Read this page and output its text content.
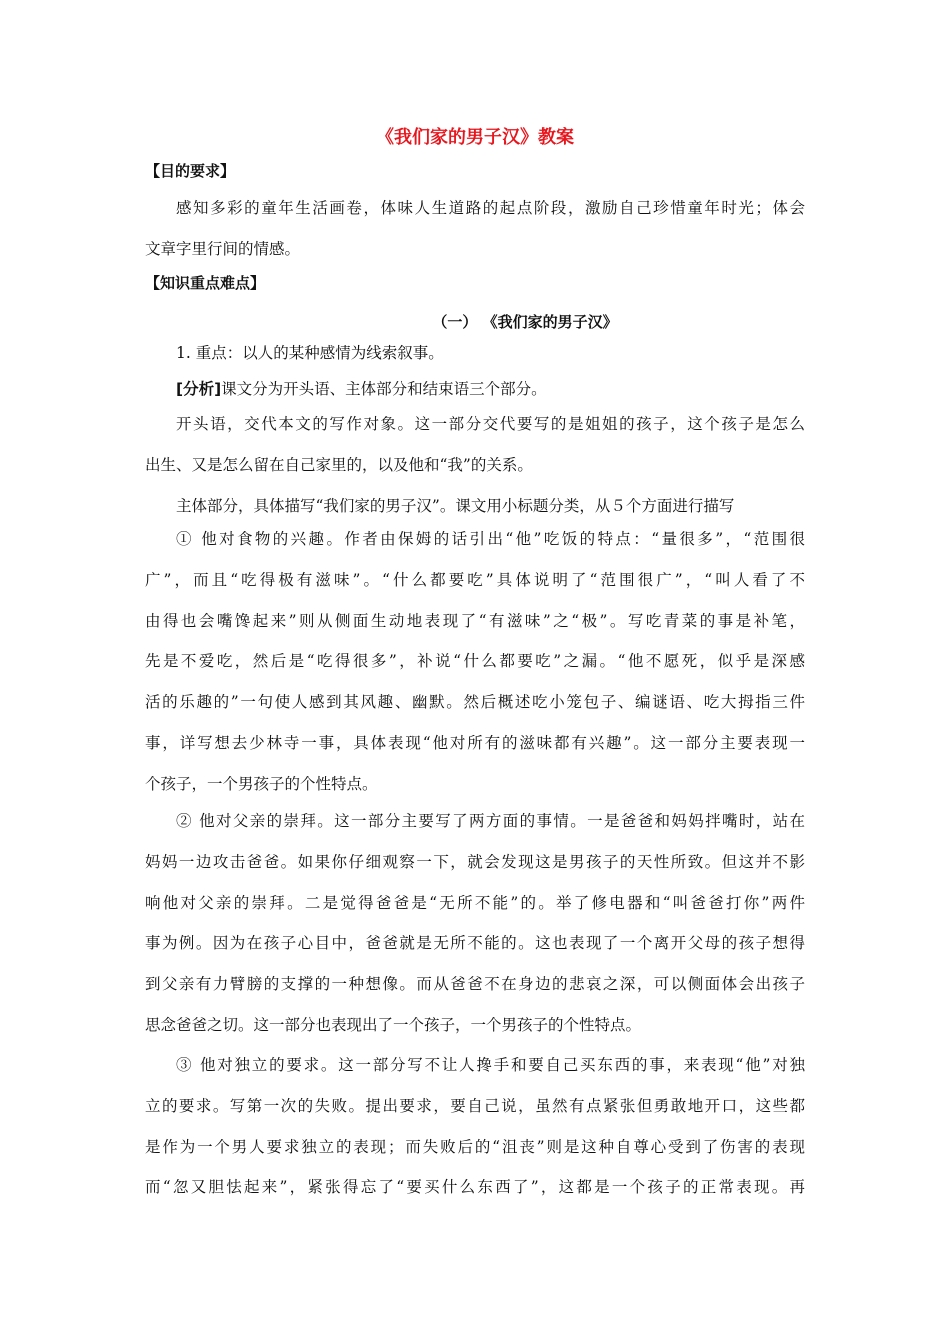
《我们家的男子汉》教案
【目的要求】
感知多彩的童年生活画卷，体味人生道路的起点阶段，激励自己珍惜童年时光；体会
文章字里行间的情感。
【知识重点难点】
（一） 《我们家的男子汉》
1. 重点：以人的某种感情为线索叙事。
[分析]课文分为开头语、主体部分和结束语三个部分。
开头语，交代本文的写作对象。这一部分交代要写的是姐姐的孩子，这个孩子是怎么
出生、又是怎么留在自己家里的，以及他和“我”的关系。
主体部分，具体描写“我们家的男子汉”。课文用小标题分类，从５个方面进行描写
① 他对食物的兴趣。作者由保姆的话引出“他”吃饭的特点：“量很多”，“范围很
广”，而且“吃得极有滋味”。“什么都要吃”具体说明了“范围很广”，“叫人看了不
由得也会嘴馋起来”则从侧面生动地表现了“有滋味”之“极”。写吃青菜的事是补笔，
先是不爱吃，然后是“吃得很多”，补说“什么都要吃”之漏。“他不愿死，似乎是深感
活的乐趣的”一句使人感到其风趣、幽默。然后概述吃小笼包子、编谜语、吃大拇指三件
事，详写想去少林寺一事，具体表现“他对所有的滋味都有兴趣”。这一部分主要表现一
个孩子，一个男孩子的个性特点。
② 他对父亲的崇拜。这一部分主要写了两方面的事情。一是爸爸和妈妈拌嘴时，站在
妈妈一边攻击爸爸。如果你仔细观察一下，就会发现这是男孩子的天性所致。但这并不影
响他对父亲的崇拜。二是觉得爸爸是“无所不能”的。举了修电器和“叫爸爸打你”两件
事为例。因为在孩子心目中，爸爸就是无所不能的。这也表现了一个离开父母的孩子想得
到父亲有力臂膀的支撑的一种想像。而从爸爸不在身边的悲哀之深，可以侧面体会出孩子
思念爸爸之切。这一部分也表现出了一个孩子，一个男孩子的个性特点。
③ 他对独立的要求。这一部分写不让人搀手和要自己买东西的事，来表现“他”对独
立的要求。写第一次的失败。提出要求，要自己说，虽然有点紧张但勇敢地开口，这些都
是作为一个男人要求独立的表现；而失败后的“沮丧”则是这种自尊心受到了伤害的表现
而“忽又胆怯起来”，紧张得忘了“要买什么东西了”，这都是一个孩子的正常表现。再
